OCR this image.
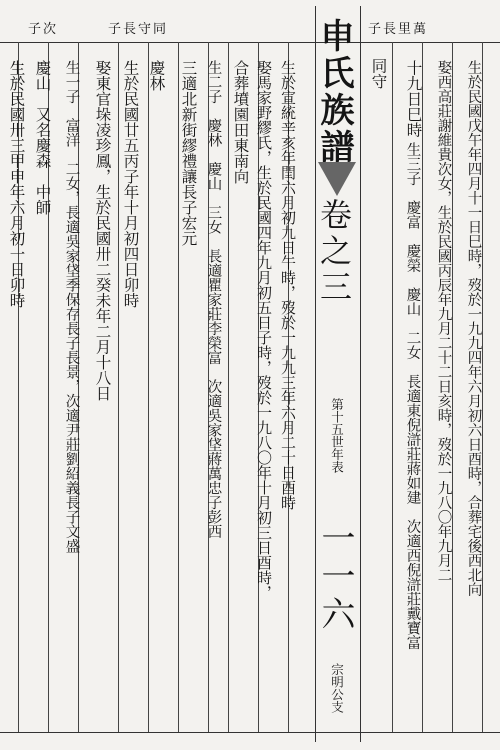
子次	子長守同	子長里萬
申氏族譜
卷之三
第十五世年表
一一六
宗明公支
生於民國戊午年四月十一日巳時，歿於一九九四年六月初六日酉時，合葬宅後西北向
娶西高莊謝維貴次女，生於民國丙辰年九月二十二日亥時，歿於一九八〇年九月二
十九日巳時
生三子　慶富　慶榮　慶山　二女　長適東倪滸莊蔣如建　次適西倪滸莊戴寶富
同守
生於宣統辛亥年閏六月初九日午時，歿於一九九三年六月二十日酉時
娶馬家野繆氏，生於民國四年九月初五日子時，歿於一九八〇年十月初三日酉時，
合葬墳園田東南向
生二子　慶林　慶山　三女　長適瞿家莊李榮富　次適吳家垡蔣萬忠子彭西
三適北新街繆禮讓長子宏元
慶林
生於民國廿五丙子年十月初四日卯時
娶東官垛凌珍鳳，生於民國卅二癸未年二月十八日
生一子　富洋　二女，長適吳家垡季保存長子長景，次適尹莊劉紹義長子文盛
慶山　又名慶森　中師
生於民國卅三甲申年六月初一日卯時
